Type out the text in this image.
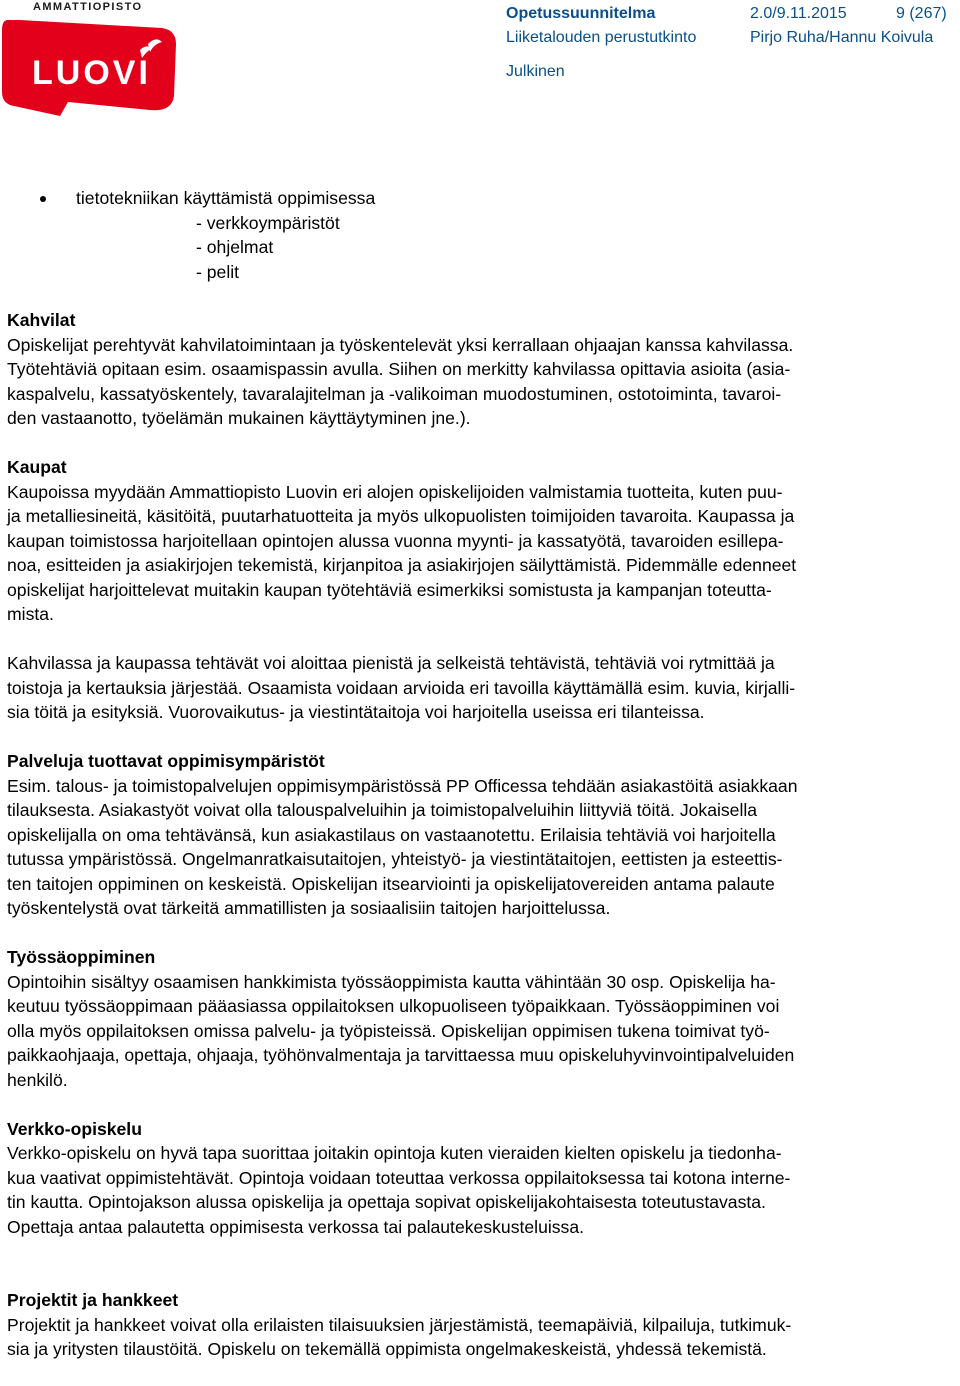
AMMATTIOPISTO
LUOVI
Opetussuunnitelma	2.0/9.11.2015	9 (267)
Liiketalouden perustutkinto	Pirjo Ruha/Hannu Koivula
Julkinen
tietotekniikan käyttämistä oppimisessa
- verkkoympäristöt
- ohjelmat
- pelit
Kahvilat
Opiskelijat perehtyvät kahvilatoimintaan ja työskentelevät yksi kerrallaan ohjaajan kanssa kahvilassa.
Työtehtäviä opitaan esim. osaamispassin avulla. Siihen on merkitty kahvilassa opittavia asioita (asia-
kaspalvelu, kassatyöskentely, tavaralajitelman ja -valikoiman muodostuminen, ostotoiminta, tavaroi-
den vastaanotto, työelämän mukainen käyttäytyminen jne.).
Kaupat
Kaupoissa myydään Ammattiopisto Luovin eri alojen opiskelijoiden valmistamia tuotteita, kuten puu-
ja metalliesineitä, käsitöitä, puutarhatuotteita ja myös ulkopuolisten toimijoiden tavaroita. Kaupassa ja
kaupan toimistossa harjoitellaan opintojen alussa vuonna myynti- ja kassatyötä, tavaroiden esillepa-
noa, esitteiden ja asiakirjojen tekemistä, kirjanpitoa ja asiakirjojen säilyttämistä. Pidemmälle edenneet
opiskelijat harjoittelevat muitakin kaupan työtehtäviä esimerkiksi somistusta ja kampanjan toteutta-
mista.
Kahvilassa ja kaupassa tehtävät voi aloittaa pienistä ja selkeistä tehtävistä, tehtäviä voi rytmittää ja
toistoja ja kertauksia järjestää. Osaamista voidaan arvioida eri tavoilla käyttämällä esim. kuvia, kirjalli-
sia töitä ja esityksiä. Vuorovaikutus- ja viestintätaitoja voi harjoitella useissa eri tilanteissa.
Palveluja tuottavat oppimisympäristöt
Esim. talous- ja toimistopalvelujen oppimisympäristössä PP Officessa tehdään asiakastöitä asiakkaan
tilauksesta. Asiakastyöt voivat olla talouspalveluihin ja toimistopalveluihin liittyviä töitä. Jokaisella
opiskelijalla on oma tehtävänsä, kun asiakastilaus on vastaanotettu. Erilaisia tehtäviä voi harjoitella
tutussa ympäristössä. Ongelmanratkaisutaitojen, yhteistyö- ja viestintätaitojen, eettisten ja esteettis-
ten taitojen oppiminen on keskeistä. Opiskelijan itsearviointi ja opiskelijatovereiden antama palaute
työskentelystä ovat tärkeitä ammatillisten ja sosiaalisiin taitojen harjoittelussa.
Työssäoppiminen
Opintoihin sisältyy osaamisen hankkimista työssäoppimista kautta vähintään 30 osp. Opiskelija ha-
keutuu työssäoppimaan pääasiassa oppilaitoksen ulkopuoliseen työpaikkaan. Työssäoppiminen voi
olla myös oppilaitoksen omissa palvelu- ja työpisteissä. Opiskelijan oppimisen tukena toimivat työ-
paikkaohjaaja, opettaja, ohjaaja, työhönvalmentaja ja tarvittaessa muu opiskeluhyvinvointipalveluiden
henkilö.
Verkko-opiskelu
Verkko-opiskelu on hyvä tapa suorittaa joitakin opintoja kuten vieraiden kielten opiskelu ja tiedonha-
kua vaativat oppimistehtävät. Opintoja voidaan toteuttaa verkossa oppilaitoksessa tai kotona interne-
tin kautta. Opintojakson alussa opiskelija ja opettaja sopivat opiskelijakohtaisesta toteutustavasta.
Opettaja antaa palautetta oppimisesta verkossa tai palautekeskusteluissa.
Projektit ja hankkeet
Projektit ja hankkeet voivat olla erilaisten tilaisuuksien järjestämistä, teemapäiviä, kilpailuja, tutkimuk-
sia ja yritysten tilaustöitä. Opiskelu on tekemällä oppimista ongelmakeskeistä, yhdessä tekemistä.
